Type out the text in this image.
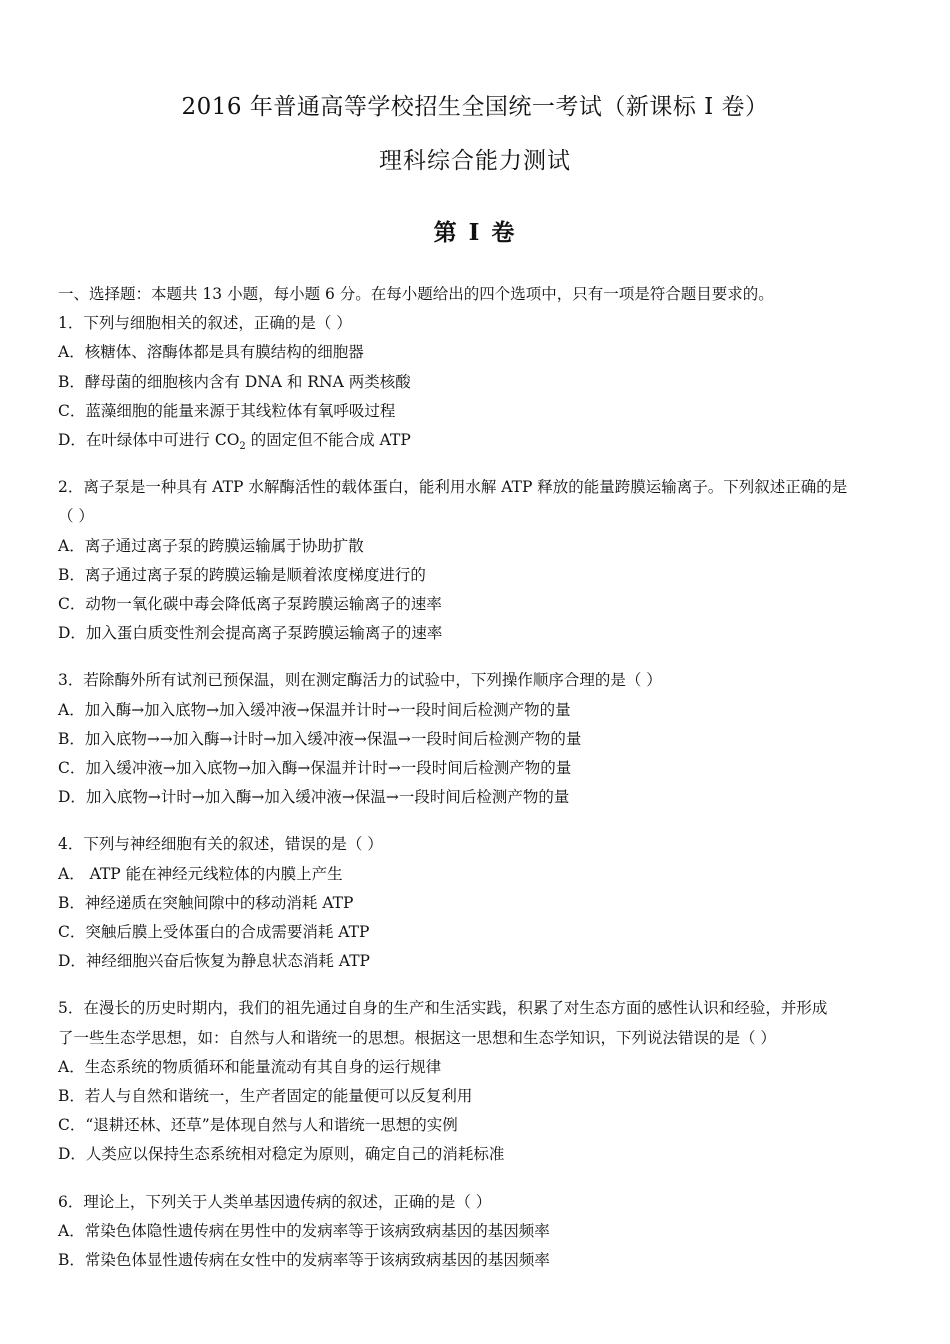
2016 年普通高等学校招生全国统一考试（新课标 I 卷）
理科综合能力测试
第 I 卷
一、选择题：本题共 13 小题，每小题 6 分。在每小题给出的四个选项中，只有一项是符合题目要求的。
1．下列与细胞相关的叙述，正确的是（ ）
A．核糖体、溶酶体都是具有膜结构的细胞器
B．酵母菌的细胞核内含有 DNA 和 RNA 两类核酸
C．蓝藻细胞的能量来源于其线粒体有氧呼吸过程
D．在叶绿体中可进行 $CO_2$ 的固定但不能合成 ATP
2．离子泵是一种具有 ATP 水解酶活性的载体蛋白，能利用水解 ATP 释放的能量跨膜运输离子。下列叙述正确的是
（ ）
A．离子通过离子泵的跨膜运输属于协助扩散
B．离子通过离子泵的跨膜运输是顺着浓度梯度进行的
C．动物一氧化碳中毒会降低离子泵跨膜运输离子的速率
D．加入蛋白质变性剂会提高离子泵跨膜运输离子的速率
3．若除酶外所有试剂已预保温，则在测定酶活力的试验中，下列操作顺序合理的是（ ）
A．加入酶→加入底物→加入缓冲液→保温并计时→一段时间后检测产物的量
B．加入底物→→加入酶→计时→加入缓冲液→保温→一段时间后检测产物的量
C．加入缓冲液→加入底物→加入酶→保温并计时→一段时间后检测产物的量
D．加入底物→计时→加入酶→加入缓冲液→保温→一段时间后检测产物的量
4．下列与神经细胞有关的叙述，错误的是（ ）
A． ATP 能在神经元线粒体的内膜上产生
B．神经递质在突触间隙中的移动消耗 ATP
C．突触后膜上受体蛋白的合成需要消耗 ATP
D．神经细胞兴奋后恢复为静息状态消耗 ATP
5．在漫长的历史时期内，我们的祖先通过自身的生产和生活实践，积累了对生态方面的感性认识和经验，并形成
了一些生态学思想，如：自然与人和谐统一的思想。根据这一思想和生态学知识，下列说法错误的是（ ）
A．生态系统的物质循环和能量流动有其自身的运行规律
B．若人与自然和谐统一，生产者固定的能量便可以反复利用
C．“退耕还林、还草”是体现自然与人和谐统一思想的实例
D．人类应以保持生态系统相对稳定为原则，确定自己的消耗标准
6．理论上，下列关于人类单基因遗传病的叙述，正确的是（ ）
A．常染色体隐性遗传病在男性中的发病率等于该病致病基因的基因频率
B．常染色体显性遗传病在女性中的发病率等于该病致病基因的基因频率
